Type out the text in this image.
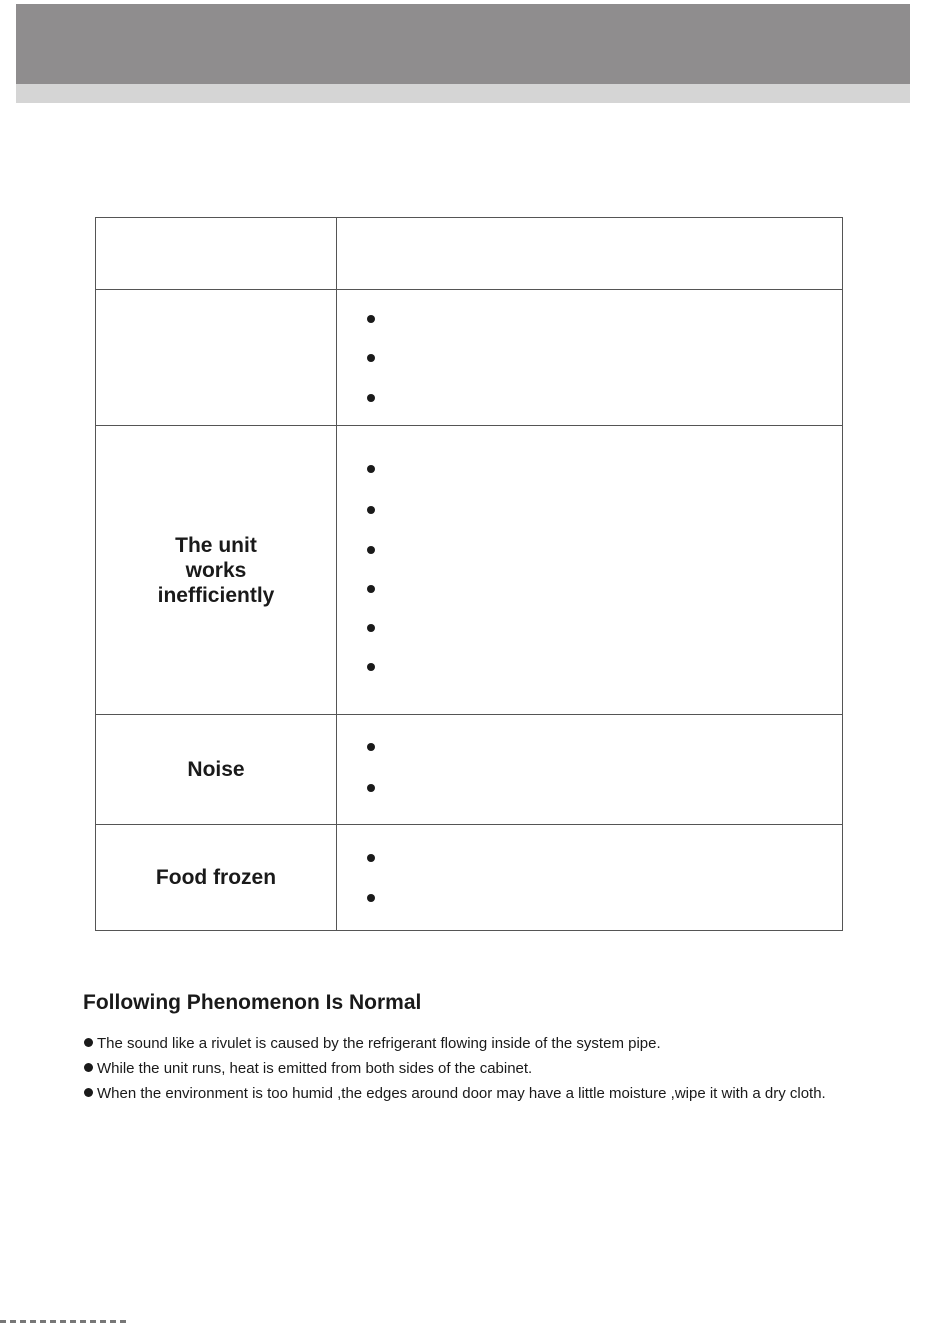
The unit
works
inefficiently
Noise
Food frozen
Following Phenomenon Is Normal
The sound like a rivulet is caused by the refrigerant flowing inside of the system pipe.
While the unit runs, heat is emitted from both sides of the cabinet.
When the environment is too humid ,the edges around door may have a little moisture ,wipe it with a dry cloth.
